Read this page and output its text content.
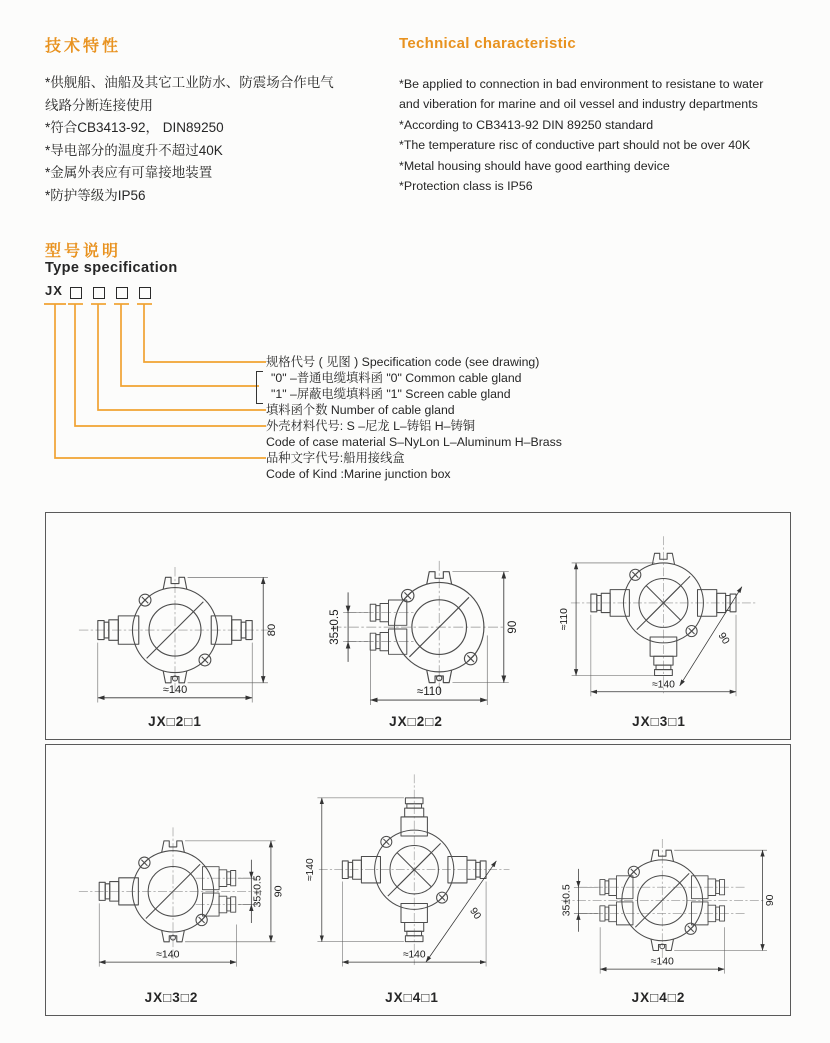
技术特性
*供舰船、油船及其它工业防水、防震场合作电气
线路分断连接使用
*符合CB3413-92， DIN89250
*导电部分的温度升不超过40K
*金属外表应有可靠接地装置
*防护等级为IP56
Technical characteristic
*Be applied to connection in bad environment to resistane to water
and viberation for marine and oil vessel and industry departments
*According to CB3413-92 DIN 89250 standard
*The temperature risc of conductive part should not be over 40K
*Metal housing should have good earthing device
*Protection class is IP56
型号说明
Type specification
JX
规格代号 ( 见图 ) Specification code (see drawing)
"0" –普通电缆填料函 "0" Common cable gland
"1" –屏蔽电缆填料函 "1" Screen cable gland
填料函个数 Number of cable gland
外壳材料代号: S –尼龙 L–铸铝 H–铸铜
Code of case material S–NyLon L–Aluminum H–Brass
品种文字代号:船用接线盒
Code of Kind :Marine junction box
≈140
80
JX□2□1
35±0.5
≈110
90
JX□2□2
≈110
≈140
90
JX□3□1
35±0.5 90
≈140
JX□3□2
≈140
≈140
90
JX□4□1
35±0.5	90
≈140
JX□4□2
